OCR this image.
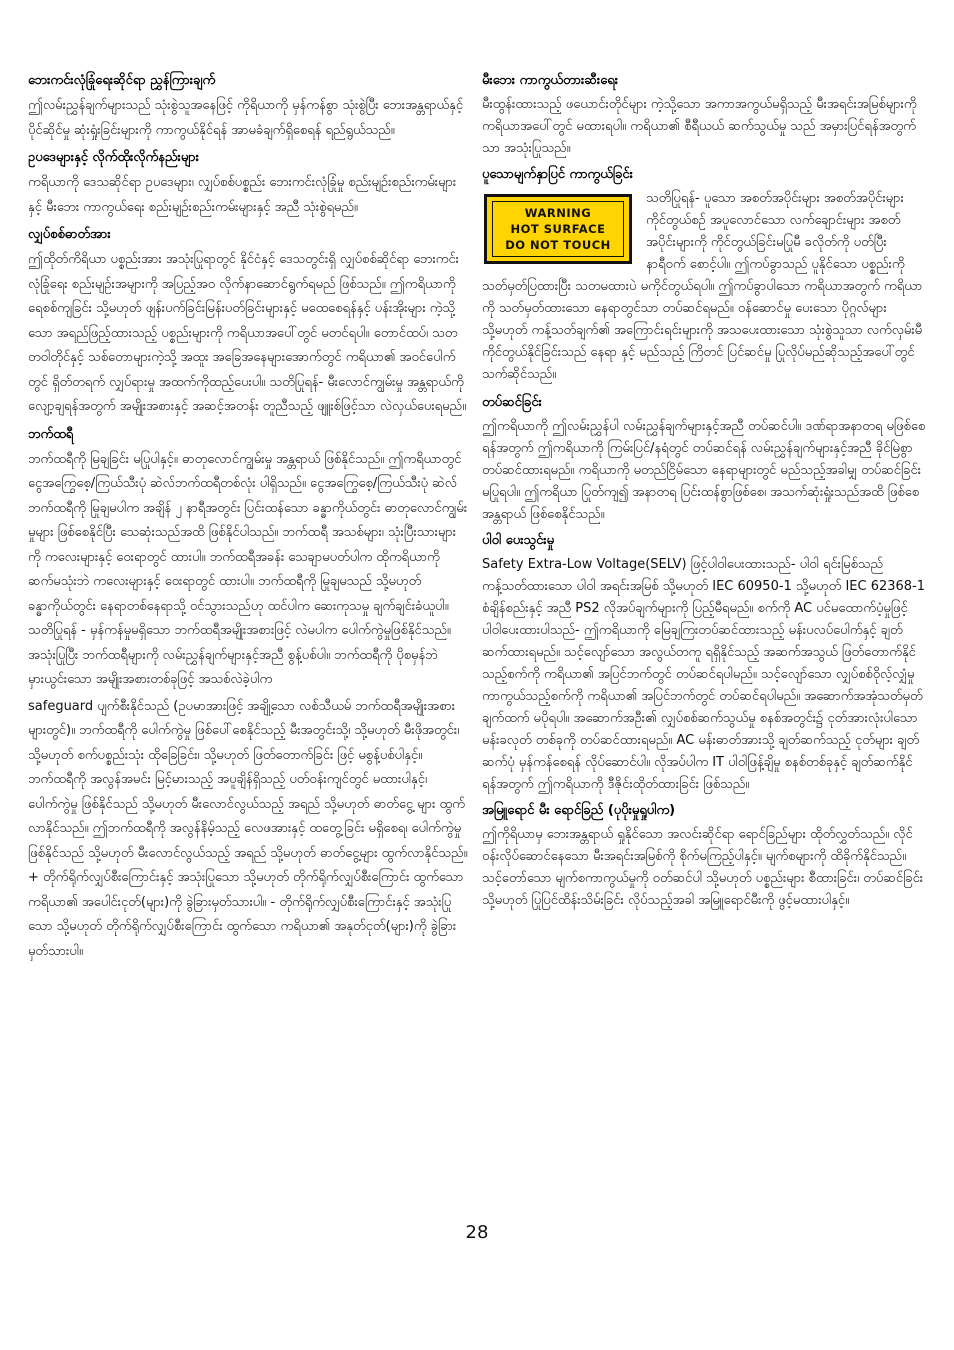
ဘေးကင်းလုံခြုံရေးဆိုင်ရာ ညွှန်ကြားချက်

ဤလမ်းညွှန်ချက်များသည် သုံးစွဲသူအနေဖြင့် ကိုရိယာကို မှန်ကန်စွာ သုံးစွဲပြီး ဘေးအန္တရာယ်နှင့် ပိုင်ဆိုင်မှု ဆုံးရှုံးခြင်းများကို ကာကွယ်နိုင်ရန် အာမခံချက်ရှိစေရန် ရည်ရွယ်သည်။

ဥပဒေများနှင့် လိုက်ထိုးလိုက်နည်းများ

ကရိယာကို ဒေသဆိုင်ရာ ဥပဒေများ၊ လျှပ်စစ်ပစ္စည်း ဘေးကင်းလုံခြုံမှု စည်းမျဉ်းစည်းကမ်းများ နှင့် မီးဘေး ကာကွယ်ရေး စည်းမျဉ်းစည်းကမ်းများနှင့် အညီ သုံးစွဲရမည်။

လျှပ်စစ်ဓာတ်အား

ဤထိုတ်ကိရိယာ ပစ္စည်းအား အသုံးပြုရာတွင် နိုင်ငံနှင့် ဒေသတွင်းရှိ လျှပ်စစ်ဆိုင်ရာ ဘေးကင်းလုံခြုံရေး စည်းမျဉ်းအများကို အပြည့်အဝ လိုက်နာဆောင်ရွက်ရမည် ဖြစ်သည်။ ဤကရိယာကို ရေစစ်ကျခြင်း သို့မဟုတ် ဖျန်းပက်ခြင်းမြန်းပတ်ခြင်းများနှင့် မထေစေရန်နှင့် ပန်းအိုးများ ကဲ့သို့သော အရည်ဖြည့်ထားသည့် ပစ္စည်းများကို ကရိယာအပေါ်တွင် မတင်ရပါ။ တောင်ထပ်၊ သတတဝါတိုင်နှင့် သစ်တောများကဲ့သို့ အထူး အခြေအနေများအောက်တွင် ကရိယာ၏ အဝင်ပေါက်တွင် ရှိတ်တရက် လျှပ်ရားမှု အထက်ကိုထည့်ပေးပါ။ သတိပြုရန်- မီးလောင်ကျွမ်းမှု အန္တရာယ်ကို လျော့ချရန်အတွက် အမျိုးအစားနှင့် အဆင့်အတန်း တူညီသည့် ဖျူးစ်ဖြင့်သာ လဲလှယ်ပေးရမည်။

ဘက်ထရီ

ဘက်ထရီကို မြချခြင်း မပြုပါနှင့်။ ဓာတုလောင်ကျွမ်းမှု အန္တရာယ် ဖြစ်နိုင်သည်။ ဤကရိယာတွင် ငွေအကြွေစေ့/ကြယ်သီးပုံ ဆဲလ်ဘက်ထရီတစ်လုံး ပါရှိသည်။ ငွေအကြွေစေ့/ကြယ်သီးပုံ ဆဲလ်ဘက်ထရီကို မြုချမပါက အချိန် ၂ နာရီအတွင်း ပြင်းထန်သော ခန္ဓာကိုယ်တွင်း ဓာတုလောင်ကျွမ်းမှုများ ဖြစ်စေနိုင်ပြီး သေဆုံးသည်အထိ ဖြစ်နိုင်ပါသည်။ ဘက်ထရီ အသစ်များ၊ သုံးပြီးသားများကို ကလေးများနှင့် ဝေးရာတွင် ထားပါ။ ဘက်ထရီအခန်း သေချာမပတ်ပါက ထိုကရိယာကို ဆက်မသုံးဘဲ ကလေးများနှင့် ဝေးရာတွင် ထားပါ။ ဘက်ထရီကို မြုချမသည် သို့မဟုတ် ခန္ဓာကိုယ်တွင်း နေရာတစ်နေရာသို့ ဝင်သွားသည်ဟု ထင်ပါက ဆေးကုသမှု ချက်ချင်းခံယူပါ။ သတိပြုရန် - မှန်ကန်မှုမရှိသော ဘက်ထရီအမျိုးအစားဖြင့် လဲမပါက ပေါက်ကွဲမှုဖြစ်နိုင်သည်။ အသုံးပြုပြီး ဘက်ထရီများကို လမ်းညွှန်ချက်များနှင့်အညီ စွန့်ပစ်ပါ။ ဘက်ထရီကို ပိုစမှန်ဘဲ မှားယွင်းသော အမျိုးအစားတစ်ခုဖြင့် အသစ်လဲခဲ့ပါက

safeguard ပျက်စီးနိုင်သည် (ဥပမာအားဖြင့် အချို့သော လစ်သီယမ် ဘက်ထရီအမျိုးအစားများတွင်)။ ဘက်ထရီကို ပေါက်ကွဲမှု ဖြစ်ပေါ်စေနိုင်သည့် မီးအတွင်းသို့၊ သို့မဟုတ် မီးဖိုအတွင်း၊ သို့မဟုတ် စက်ပစ္စည်းသုံး ထိုခြေခြင်း၊ သို့မဟုတ် ဖြတ်တောက်ခြင်း ဖြင့် မစွန့်ပစ်ပါနှင့်။ ဘက်ထရီကို အလွန်အမင်း မြင့်မားသည့် အပူချိန်ရှိသည့် ပတ်ဝန်းကျင်တွင် မထားပါနှင့်၊ ပေါက်ကွဲမှု ဖြစ်နိုင်သည် သို့မဟုတ် မီးလောင်လွယ်သည့် အရည် သို့မဟုတ် ဓာတ်ငွေ့ များ ထွက်လာနိုင်သည်။ ဤဘက်ထရီကို အလွန်နိမ့်သည့် လေဖအားနှင့် ထတွေ့ခြင်း မရှိစေရ၊ ပေါက်ကွဲမှု ဖြစ်နိုင်သည် သို့မဟုတ် မီးလောင်လွယ်သည့် အရည် သို့မဟုတ် ဓာတ်ငွေ့များ ထွက်လာနိုင်သည်။ + တိုက်ရိုက်လျှပ်စီးကြောင်းနှင့် အသုံးပြုသော သို့မဟုတ် တိုက်ရိုက်လျှပ်စီးကြောင်း ထွက်သော ကရိယာ၏ အပေါင်းငုတ်(များ)ကို ခွဲခြားမှတ်သားပါ။ - တိုက်ရိုက်လျှပ်စီးကြောင်းနှင့် အသုံးပြုသော သို့မဟုတ် တိုက်ရိုက်လျှပ်စီးကြောင်း ထွက်သော ကရိယာ၏ အနုတ်ငုတ်(များ)ကို ခွဲခြားမှတ်သားပါ။

မီးဘေး ကာကွယ်တားဆီးရေး

မီးထွန်းထားသည့် ဖယောင်းတိုင်များ ကဲ့သို့သော အကာအကွယ်မရှိသည့် မီးအရင်းအမြစ်များကို ကရိယာအပေါ်တွင် မထားရပါ။ ကရိယာ၏ စီရီယယ် ဆက်သွယ်မှု သည် အမှားပြင်ရန်အတွက်သာ အသုံးပြုသည်။

ပူသောမျက်နှာပြင် ကာကွယ်ခြင်း
WARNING
HOT SURFACE
DO NOT TOUCH

သတိပြုရန်- ပူသော အစတ်အပိုင်းများ အစတ်အပိုင်းများ ကိုင်တွယ်စဉ် အပူလောင်သော လက်ချောင်းများ အစတ်အပိုင်းများကို ကိုင်တွယ်ခြင်းမပြုမီ ခလိုတ်ကို ပတ်ပြီး နာရီဝက် စောင့်ပါ။ ဤကပ်ခွာသည် ပူနိုင်သော ပစ္စည်းကို သတ်မှတ်ပြထားပြီး သတမထားပဲ မကိုင်တွယ်ရပါ။ ဤကပ်ခွာပါသော ကရိယာအတွက် ကရိယာကို သတ်မှတ်ထားသော နေရာတွင်သာ တပ်ဆင်ရမည်။ ဝန်ဆောင်မှု ပေးသော ပိုဂ္ဂလ်များ သို့မဟုတ် ကန့်သတ်ချက်၏ အကြောင်းရင်းများကို အသပေးထားသော သုံးစွဲသူသာ လက်လှမ်းမီ ကိုင်တွယ်နိုင်ခြင်းသည် နေရာ နှင့် မည်သည့် ကြိတင် ပြင်ဆင်မှု ပြုလိုပ်မည်ဆိုသည့်အပေါ်တွင် သက်ဆိုင်သည်။

တပ်ဆင်ခြင်း

ဤကရိယာကို ဤလမ်းညွှန်ပါ လမ်းညွှန်ချက်များနှင့်အညီ တပ်ဆင်ပါ။ ဒဏ်ရာအနာတရ မဖြစ်စေရန်အတွက် ဤကရိယာကို ကြမ်းပြင်/နရံတွင် တပ်ဆင်ရန် လမ်းညွှန်ချက်များနှင့်အညီ ခိုင်မြဲစွာ တပ်ဆင်ထားရမည်။ ကရိယာကို မတည်ငြိမ်သော နေရာများတွင် မည်သည့်အခါမျှ တပ်ဆင်ခြင်း မပြုရပါ။ ဤကရိယာ ပြုတ်ကျ၍ အနာတရ ပြင်းထန်စွာဖြစ်စေ၊ အသက်ဆုံးရှုံးသည်အထိ ဖြစ်စေ အန္တရာယ် ဖြစ်စေနိုင်သည်။

ပါဝါ ပေးသွင်းမှု

Safety Extra-Low Voltage(SELV) ဖြင့်ပါဝါပေးထားသည်- ပါဝါ ရင်းမြစ်သည် ကန့်သတ်ထားသော ပါဝါ အရင်းအမြစ် သို့မဟုတ် IEC 60950-1 သို့မဟုတ် IEC 62368-1 စံချိန်စည်းနှင့် အညီ PS2 လိုအပ်ချက်များကို ပြည့်မီရမည်။ စက်ကို AC ပင်မထောက်ပံ့မှုဖြင့် ပါဝါပေးထားပါသည်- ဤကရိယာကို မြေချကြးတပ်ဆင်ထားသည့် မန်းပလပ်ပေါက်နှင့် ချတ်ဆက်ထားရမည်။ သင့်လျော်သော အလွယ်တကူ ရရှိနိုင်သည့် အဆက်အသွယ် ဖြတ်တောက်နိုင်သည့်စက်ကို ကရိယာ၏ အပြင်ဘက်တွင် တပ်ဆင်ရပါမည်။ သင့်လျော်သော လျှပ်စစ်ဝိုလ့်လျှံမှု ကာကွယ်သည့်စက်ကို ကရိယာ၏ အပြင်ဘက်တွင် တပ်ဆင်ရပါမည်။ အဆောက်အအုံသတ်မှတ်ချက်ထက် မပိုရပါ။ အဆောက်အဦး၏ လျှပ်စစ်ဆက်သွယ်မှု စနစ်အတွင်း၌ ငုတ်အားလုံးပါသော မန်းခလုတ် တစ်ခုကို တပ်ဆင်ထားရမည်။ AC မန်းဓာတ်အားသို့ ချတ်ဆက်သည့် ငုတ်များ ချတ်ဆက်ပုံ မှန်ကန်စေရန် လိုပ်ဆောင်ပါ။ လိုအပ်ပါက IT ပါဝါဖြန့်ချိမှု စနစ်တစ်ခုနှင့် ချတ်ဆက်နိုင်ရန်အတွက် ဤကရိယာကို ဒီဇိုင်းထိုတ်ထားခြင်း ဖြစ်သည်။

အမြူရောင် မီး ရောင်ခြည် (ပုပိုးမှုရှုပါက)

ဤကိုရိယာမှ ဘေးအန္တရာယ် ရှုနိုင်သော အလင်းဆိုင်ရာ ရောင်ခြည်များ ထိုတ်လွှတ်သည်။ လိုင်ဝန်းလိုပ်ဆောင်နေသော မီးအရင်းအမြစ်ကို စိုက်မကြည့်ပါနှင့်။ မျက်စများကို ထိခိုက်နိုင်သည်။ သင့်တော်သော မျက်စကာကွယ်မှုကို ဝတ်ဆင်ပါ သို့မဟုတ် ပစ္စည်းများ စီထားခြင်း၊ တပ်ဆင်ခြင်း သို့မဟုတ် ပြုပြင်ထိန်းသိမ်းခြင်း လိုပ်သည့်အခါ အမြူရောင်မီးကို ဖွင့်မထားပါနှင့်။

28
